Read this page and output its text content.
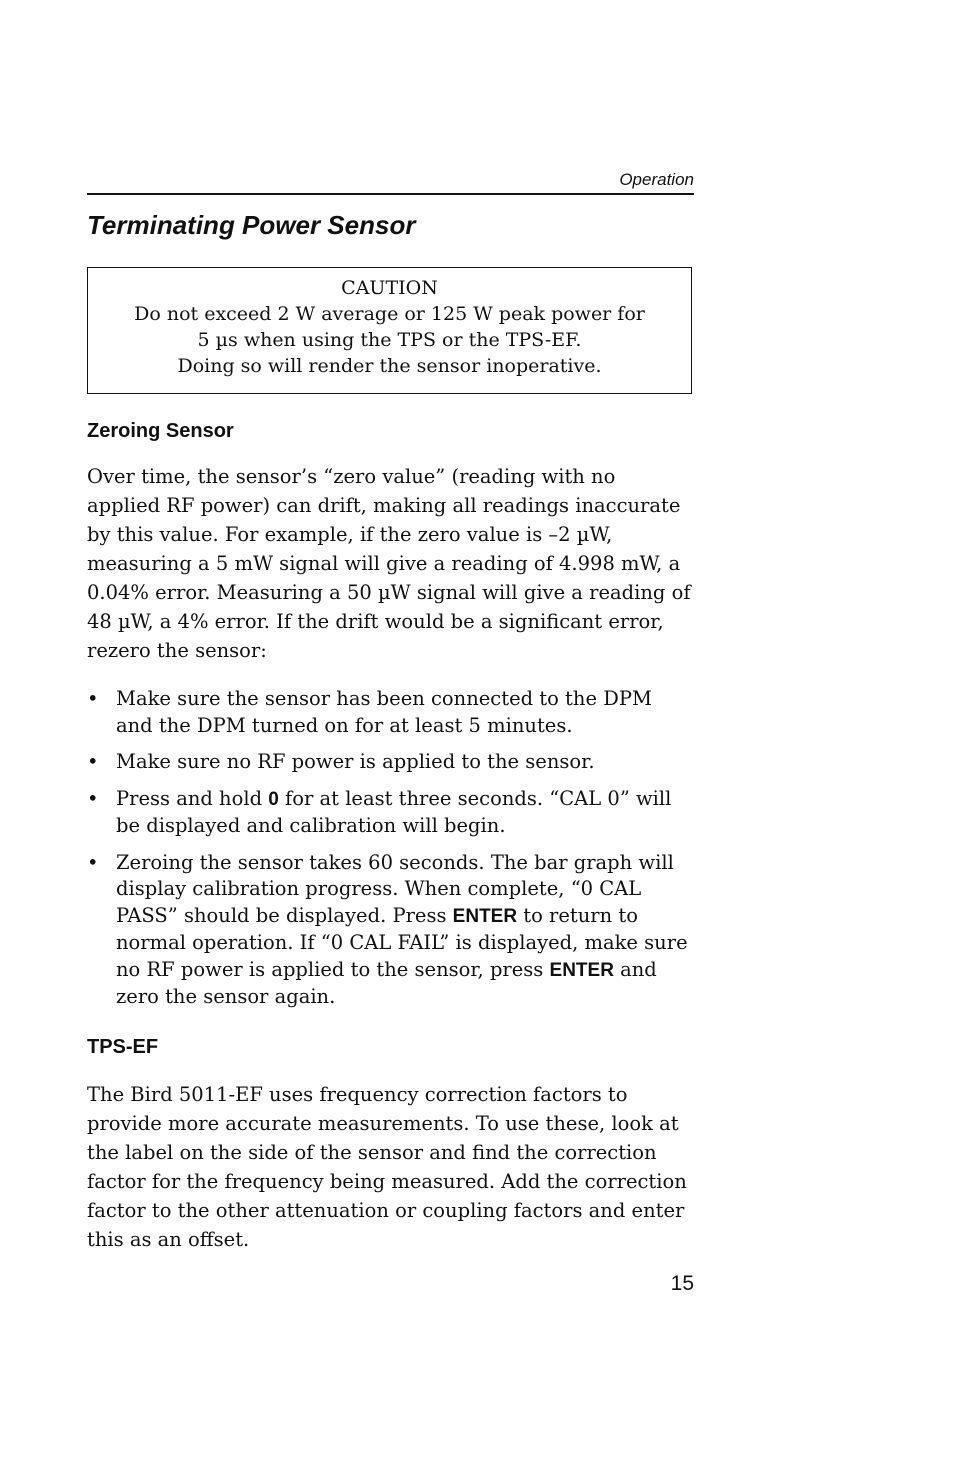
Operation
Terminating Power Sensor
CAUTION
Do not exceed 2 W average or 125 W peak power for
5 µs when using the TPS or the TPS-EF.
Doing so will render the sensor inoperative.
Zeroing Sensor

Over time, the sensor’s “zero value” (reading with no applied RF power) can drift, making all readings inaccurate by this value. For example, if the zero value is –2 µW, measuring a 5 mW signal will give a reading of 4.998 mW, a 0.04% error. Measuring a 50 µW signal will give a reading of 48 µW, a 4% error. If the drift would be a significant error, rezero the sensor:

• Make sure the sensor has been connected to the DPM and the DPM turned on for at least 5 minutes.
• Make sure no RF power is applied to the sensor.
• Press and hold 0 for at least three seconds. “CAL 0” will be displayed and calibration will begin.
• Zeroing the sensor takes 60 seconds. The bar graph will display calibration progress. When complete, “0 CAL PASS” should be displayed. Press ENTER to return to normal operation. If “0 CAL FAIL” is displayed, make sure no RF power is applied to the sensor, press ENTER and zero the sensor again.
TPS-EF

The Bird 5011-EF uses frequency correction factors to provide more accurate measurements. To use these, look at the label on the side of the sensor and find the correction factor for the frequency being measured. Add the correction factor to the other attenuation or coupling factors and enter this as an offset.

15
